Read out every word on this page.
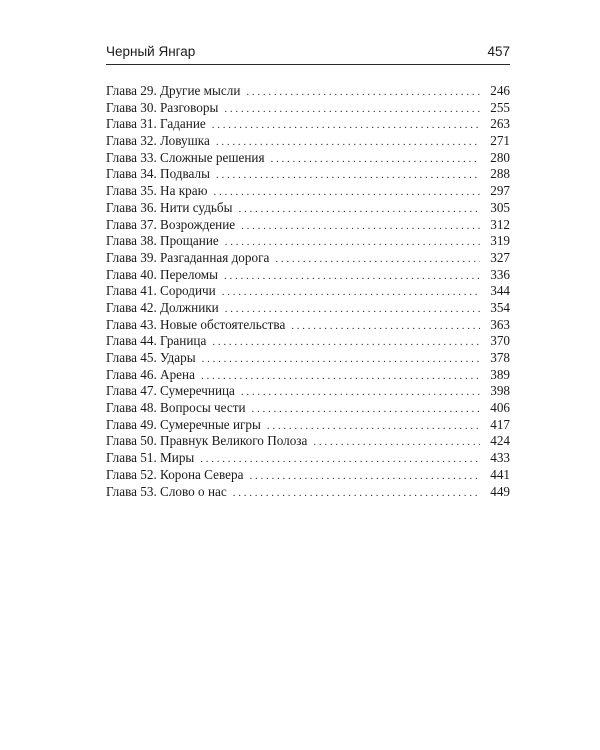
Черный Янгар	457
Глава 29. Другие мысли . . .	246
Глава 30. Разговоры . . .	255
Глава 31. Гадание . . .	263
Глава 32. Ловушка . . .	271
Глава 33. Сложные решения . . .	280
Глава 34. Подвалы . . .	288
Глава 35. На краю . . .	297
Глава 36. Нити судьбы . . .	305
Глава 37. Возрождение . . .	312
Глава 38. Прощание . . .	319
Глава 39. Разгаданная дорога . . .	327
Глава 40. Переломы . . .	336
Глава 41. Сородичи . . .	344
Глава 42. Должники . . .	354
Глава 43. Новые обстоятельства . . .	363
Глава 44. Граница . . .	370
Глава 45. Удары . . .	378
Глава 46. Арена . . .	389
Глава 47. Сумеречница . . .	398
Глава 48. Вопросы чести . . .	406
Глава 49. Сумеречные игры . . .	417
Глава 50. Правнук Великого Полоза . . .	424
Глава 51. Миры . . .	433
Глава 52. Корона Севера . . .	441
Глава 53. Слово о нас . . .	449
